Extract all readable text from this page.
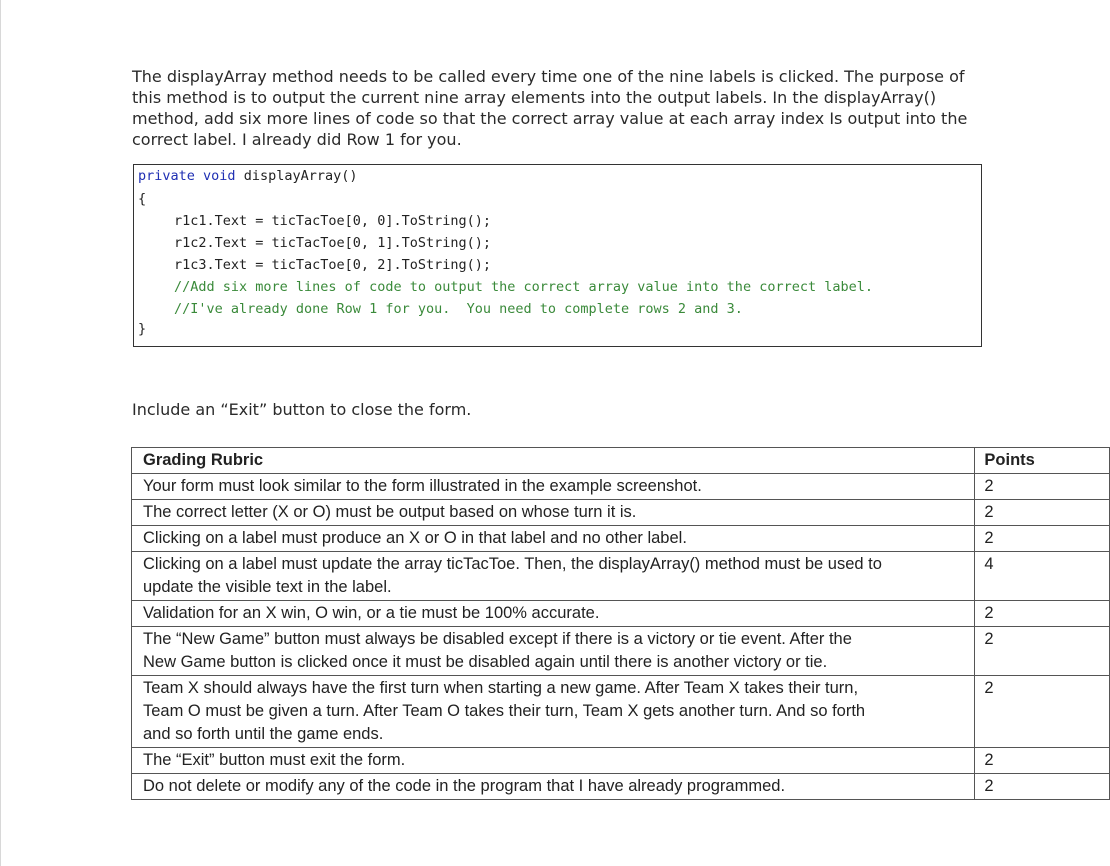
The displayArray method needs to be called every time one of the nine labels is clicked. The purpose of
this method is to output the current nine array elements into the output labels. In the displayArray()
method, add six more lines of code so that the correct array value at each array index Is output into the
correct label. I already did Row 1 for you.
private void displayArray()
{
r1c1.Text = ticTacToe[0, 0].ToString();
r1c2.Text = ticTacToe[0, 1].ToString();
r1c3.Text = ticTacToe[0, 2].ToString();
//Add six more lines of code to output the correct array value into the correct label.
//I've already done Row 1 for you.  You need to complete rows 2 and 3.
}
Include an “Exit” button to close the form.
Grading Rubric	Points

Your form must look similar to the form illustrated in the example screenshot.	2

The correct letter (X or O) must be output based on whose turn it is.	2

Clicking on a label must produce an X or O in that label and no other label.	2

Clicking on a label must update the array ticTacToe. Then, the displayArray() method must be used to
update the visible text in the label.	4

Validation for an X win, O win, or a tie must be 100% accurate.	2

The “New Game” button must always be disabled except if there is a victory or tie event. After the
New Game button is clicked once it must be disabled again until there is another victory or tie.	2

Team X should always have the first turn when starting a new game. After Team X takes their turn,
Team O must be given a turn. After Team O takes their turn, Team X gets another turn. And so forth
and so forth until the game ends.	2

The “Exit” button must exit the form.	2

Do not delete or modify any of the code in the program that I have already programmed.	2
